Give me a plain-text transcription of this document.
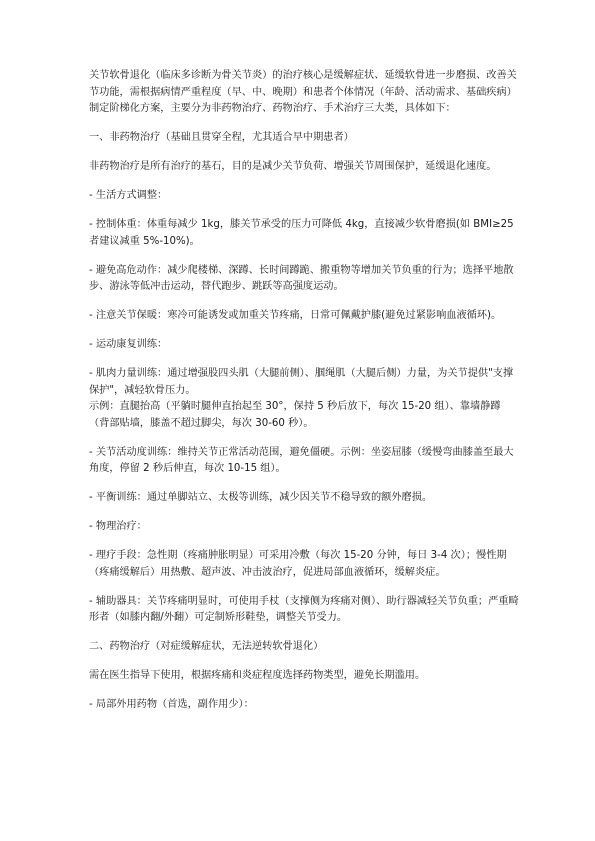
关节软骨退化（临床多诊断为骨关节炎）的治疗核心是缓解症状、延缓软骨进一步磨损、改善关节功能，需根据病情严重程度（早、中、晚期）和患者个体情况（年龄、活动需求、基础疾病）制定阶梯化方案，主要分为非药物治疗、药物治疗、手术治疗三大类，具体如下：

一、非药物治疗（基础且贯穿全程，尤其适合早中期患者）

非药物治疗是所有治疗的基石，目的是减少关节负荷、增强关节周围保护，延缓退化速度。

- 生活方式调整：

- 控制体重：体重每减少 1kg，膝关节承受的压力可降低 4kg，直接减少软骨磨损(如 BMI≥25 者建议减重 5%-10%)。

- 避免高危动作：减少爬楼梯、深蹲、长时间蹲跪、搬重物等增加关节负重的行为；选择平地散步、游泳等低冲击运动，替代跑步、跳跃等高强度运动。

- 注意关节保暖：寒冷可能诱发或加重关节疼痛，日常可佩戴护膝(避免过紧影响血液循环)。

- 运动康复训练：

- 肌肉力量训练：通过增强股四头肌（大腿前侧）、腘绳肌（大腿后侧）力量，为关节提供"支撑保护"，减轻软骨压力。
示例：直腿抬高（平躺时腿伸直抬起至 30°，保持 5 秒后放下，每次 15-20 组）、靠墙静蹲（背部贴墙，膝盖不超过脚尖，每次 30-60 秒）。

- 关节活动度训练：维持关节正常活动范围，避免僵硬。示例：坐姿屈膝（缓慢弯曲膝盖至最大角度，停留 2 秒后伸直，每次 10-15 组）。

- 平衡训练：通过单脚站立、太极等训练，减少因关节不稳导致的额外磨损。

- 物理治疗：

- 理疗手段：急性期（疼痛肿胀明显）可采用冷敷（每次 15-20 分钟，每日 3-4 次）；慢性期（疼痛缓解后）用热敷、超声波、冲击波治疗，促进局部血液循环，缓解炎症。

- 辅助器具：关节疼痛明显时，可使用手杖（支撑侧为疼痛对侧）、助行器减轻关节负重；严重畸形者（如膝内翻/外翻）可定制矫形鞋垫，调整关节受力。

二、药物治疗（对症缓解症状，无法逆转软骨退化）

需在医生指导下使用，根据疼痛和炎症程度选择药物类型，避免长期滥用。

- 局部外用药物（首选，副作用少）：
